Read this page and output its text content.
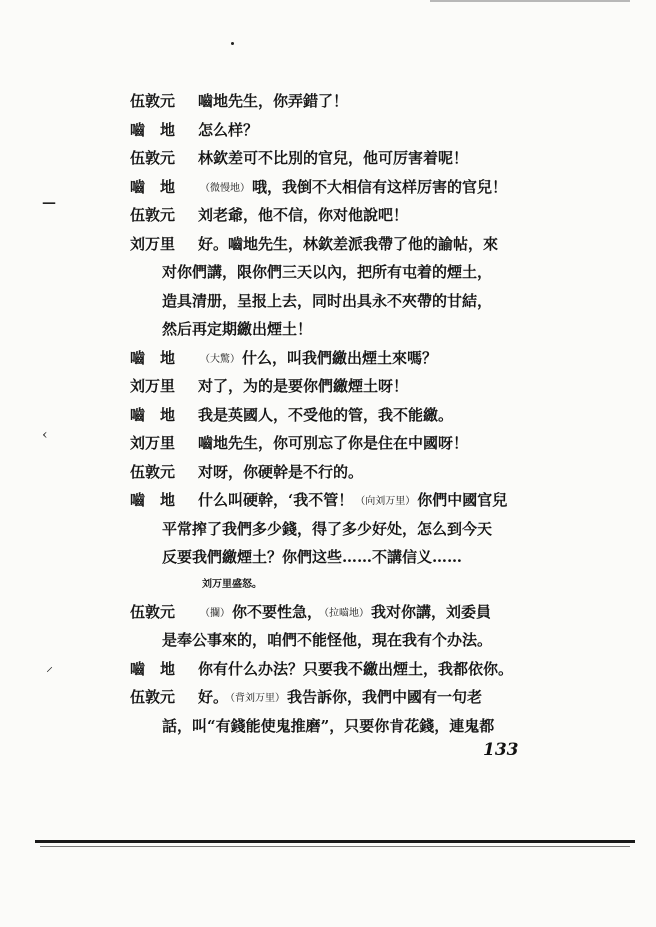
—
‹
⸝
伍敦元	嚙地先生，你弄錯了！
嚙　地	怎么样？
伍敦元	林欽差可不比別的官兒，他可厉害着呢！
嚙　地	（微慢地） 哦，我倒不大相信有这样厉害的官兒！
伍敦元	刘老爺，他不信，你对他說吧！
刘万里	好。嚙地先生，林欽差派我帶了他的諭帖，來
对你們講，限你們三天以內，把所有屯着的煙土，
造具清册，呈报上去，同时出具永不夾帶的甘結，
然后再定期繳出煙土！
嚙　地	（大驚） 什么，叫我們繳出煙土來嗎？
刘万里	对了，为的是要你們繳煙土呀！
嚙　地	我是英國人，不受他的管，我不能繳。
刘万里	嚙地先生，你可別忘了你是住在中國呀！
伍敦元	对呀，你硬幹是不行的。
嚙　地	什么叫硬幹，‘我不管！ （向刘万里） 你們中國官兒
平常搾了我們多少錢，得了多少好处，怎么到今天
反要我們繳煙土？你們这些……不講信义……
刘万里盛怒。
伍敦元	（攔） 你不要性急， （拉嚙地） 我对你講，刘委員
是奉公事來的，咱們不能怪他，現在我有个办法。
嚙　地	你有什么办法？只要我不繳出煙土，我都依你。
伍敦元	好。 （背刘万里） 我告訴你，我們中國有一句老
話，叫“有錢能使鬼推磨”，只要你肯花錢，連鬼都
133
